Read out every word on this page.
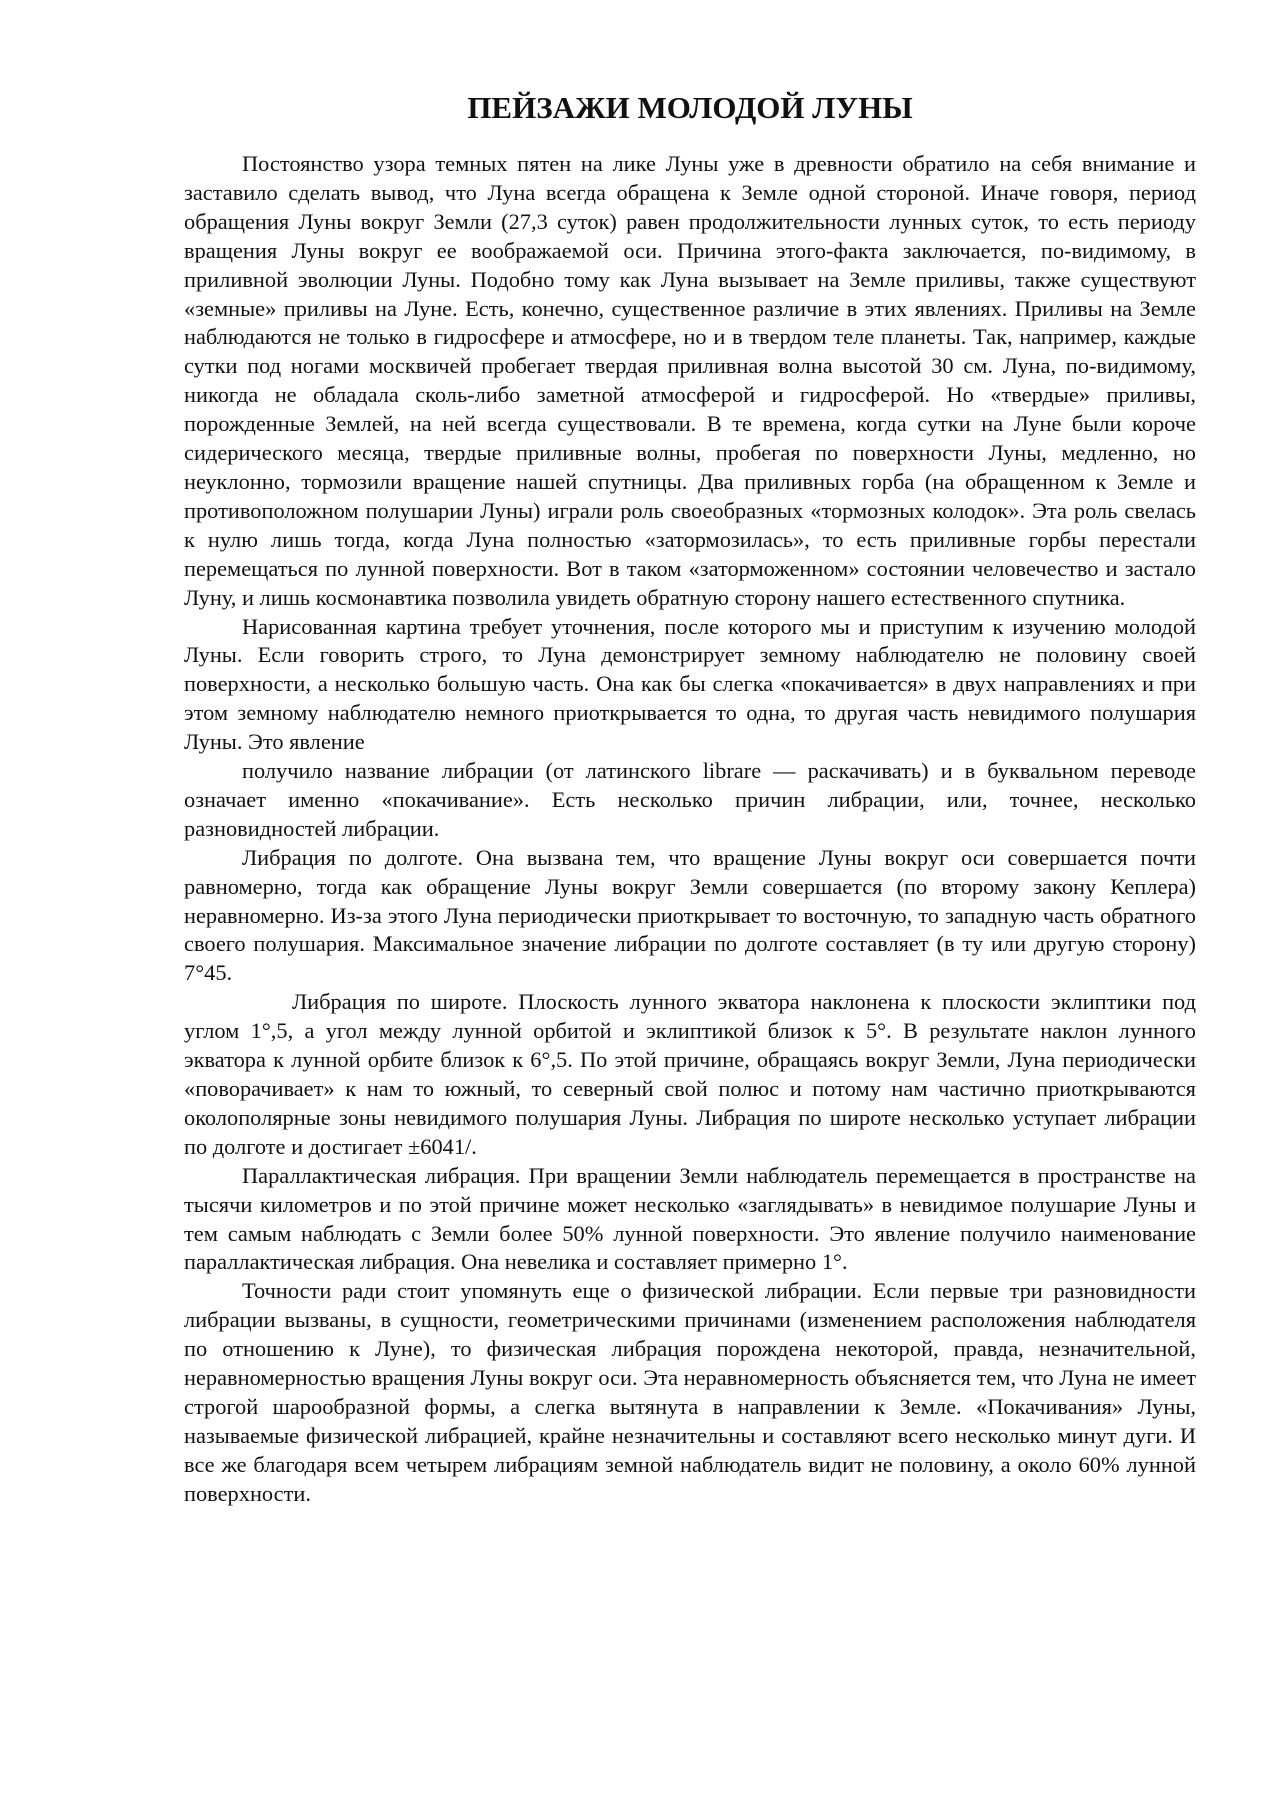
ПЕЙЗАЖИ МОЛОДОЙ ЛУНЫ

Постоянство узора темных пятен на лике Луны уже в древности обратило на себя внимание и заставило сделать вывод, что Луна всегда обращена к Земле одной стороной. Иначе говоря, период обращения Луны вокруг Земли (27,3 суток) равен продолжительности лунных суток, то есть периоду вращения Луны вокруг ее воображаемой оси. Причина этого-факта заключается, по-видимому, в приливной эволюции Луны. Подобно тому как Луна вызывает на Земле приливы, также существуют «земные» приливы на Луне. Есть, конечно, существенное различие в этих явлениях. Приливы на Земле наблюдаются не только в гидросфере и атмосфере, но и в твердом теле планеты. Так, например, каждые сутки под ногами москвичей пробегает твердая приливная волна высотой 30 см. Луна, по-видимому, никогда не обладала сколь-либо заметной атмосферой и гидросферой. Но «твердые» приливы, порожденные Землей, на ней всегда существовали. В те времена, когда сутки на Луне были короче сидерического месяца, твердые приливные волны, пробегая по поверхности Луны, медленно, но неуклонно, тормозили вращение нашей спутницы. Два приливных горба (на обращенном к Земле и противоположном полушарии Луны) играли роль своеобразных «тормозных колодок». Эта роль свелась к нулю лишь тогда, когда Луна полностью «затормозилась», то есть приливные горбы перестали перемещаться по лунной поверхности. Вот в таком «заторможенном» состоянии человечество и застало Луну, и лишь космонавтика позволила увидеть обратную сторону нашего естественного спутника.

Нарисованная картина требует уточнения, после которого мы и приступим к изучению молодой Луны. Если говорить строго, то Луна демонстрирует земному наблюдателю не половину своей поверхности, а несколько большую часть. Она как бы слегка «покачивается» в двух направлениях и при этом земному наблюдателю немного приоткрывается то одна, то другая часть невидимого полушария Луны. Это явление

получило название либрации (от латинского librare — раскачивать) и в буквальном переводе означает именно «покачивание». Есть несколько причин либрации, или, точнее, несколько разновидностей либрации.

Либрация по долготе. Она вызвана тем, что вращение Луны вокруг оси совершается почти равномерно, тогда как обращение Луны вокруг Земли совершается (по второму закону Кеплера) неравномерно. Из-за этого Луна периодически приоткрывает то восточную, то западную часть обратного своего полушария. Максимальное значение либрации по долготе составляет (в ту или другую сторону) 7°45.

Либрация по широте. Плоскость лунного экватора наклонена к плоскости эклиптики под углом 1°,5, а угол между лунной орбитой и эклиптикой близок к 5°. В результате наклон лунного экватора к лунной орбите близок к 6°,5. По этой причине, обращаясь вокруг Земли, Луна периодически «поворачивает» к нам то южный, то северный свой полюс и потому нам частично приоткрываются околополярные зоны невидимого полушария Луны. Либрация по широте несколько уступает либрации по долготе и достигает ±6041/.

Параллактическая либрация. При вращении Земли наблюдатель перемещается в пространстве на тысячи километров и по этой причине может несколько «заглядывать» в невидимое полушарие Луны и тем самым наблюдать с Земли более 50% лунной поверхности. Это явление получило наименование параллактическая либрация. Она невелика и составляет примерно 1°.

Точности ради стоит упомянуть еще о физической либрации. Если первые три разновидности либрации вызваны, в сущности, геометрическими причинами (изменением расположения наблюдателя по отношению к Луне), то физическая либрация порождена некоторой, правда, незначительной, неравномерностью вращения Луны вокруг оси. Эта неравномерность объясняется тем, что Луна не имеет строгой шарообразной формы, а слегка вытянута в направлении к Земле. «Покачивания» Луны, называемые физической либрацией, крайне незначительны и составляют всего несколько минут дуги. И все же благодаря всем четырем либрациям земной наблюдатель видит не половину, а около 60% лунной поверхности.
